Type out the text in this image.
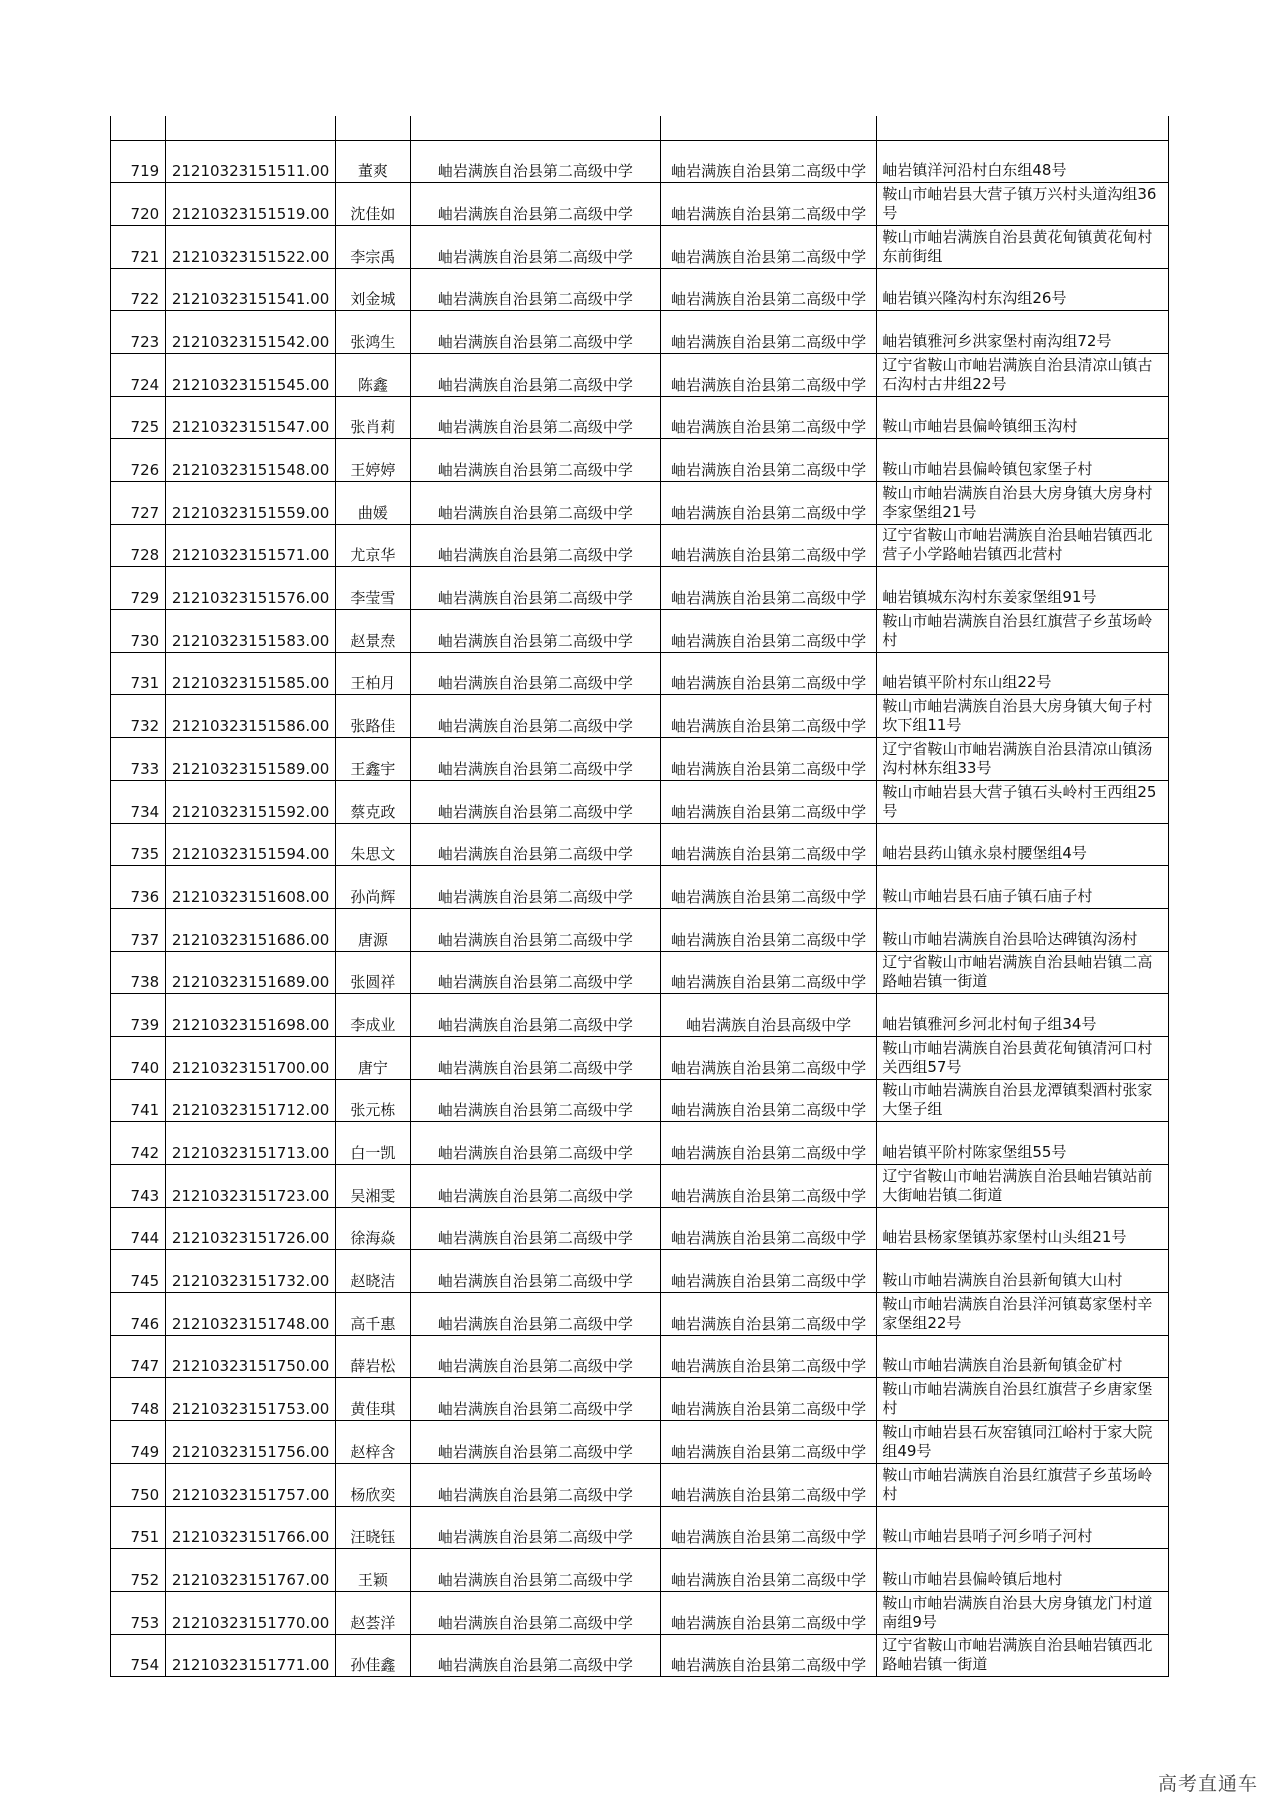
719	21210323151511.00	董爽	岫岩满族自治县第二高级中学	岫岩满族自治县第二高级中学	岫岩镇洋河沿村白东组48号
720	21210323151519.00	沈佳如	岫岩满族自治县第二高级中学	岫岩满族自治县第二高级中学	鞍山市岫岩县大营子镇万兴村头道沟组36号
721	21210323151522.00	李宗禹	岫岩满族自治县第二高级中学	岫岩满族自治县第二高级中学	鞍山市岫岩满族自治县黄花甸镇黄花甸村东前街组
722	21210323151541.00	刘金城	岫岩满族自治县第二高级中学	岫岩满族自治县第二高级中学	岫岩镇兴隆沟村东沟组26号
723	21210323151542.00	张鸿生	岫岩满族自治县第二高级中学	岫岩满族自治县第二高级中学	岫岩镇雅河乡洪家堡村南沟组72号
724	21210323151545.00	陈鑫	岫岩满族自治县第二高级中学	岫岩满族自治县第二高级中学	辽宁省鞍山市岫岩满族自治县清凉山镇古石沟村古井组22号
725	21210323151547.00	张肖莉	岫岩满族自治县第二高级中学	岫岩满族自治县第二高级中学	鞍山市岫岩县偏岭镇细玉沟村
726	21210323151548.00	王婷婷	岫岩满族自治县第二高级中学	岫岩满族自治县第二高级中学	鞍山市岫岩县偏岭镇包家堡子村
727	21210323151559.00	曲媛	岫岩满族自治县第二高级中学	岫岩满族自治县第二高级中学	鞍山市岫岩满族自治县大房身镇大房身村李家堡组21号
728	21210323151571.00	尤京华	岫岩满族自治县第二高级中学	岫岩满族自治县第二高级中学	辽宁省鞍山市岫岩满族自治县岫岩镇西北营子小学路岫岩镇西北营村
729	21210323151576.00	李莹雪	岫岩满族自治县第二高级中学	岫岩满族自治县第二高级中学	岫岩镇城东沟村东姜家堡组91号
730	21210323151583.00	赵景焘	岫岩满族自治县第二高级中学	岫岩满族自治县第二高级中学	鞍山市岫岩满族自治县红旗营子乡茧场岭村
731	21210323151585.00	王柏月	岫岩满族自治县第二高级中学	岫岩满族自治县第二高级中学	岫岩镇平阶村东山组22号
732	21210323151586.00	张路佳	岫岩满族自治县第二高级中学	岫岩满族自治县第二高级中学	鞍山市岫岩满族自治县大房身镇大甸子村坎下组11号
733	21210323151589.00	王鑫宇	岫岩满族自治县第二高级中学	岫岩满族自治县第二高级中学	辽宁省鞍山市岫岩满族自治县清凉山镇汤沟村林东组33号
734	21210323151592.00	蔡克政	岫岩满族自治县第二高级中学	岫岩满族自治县第二高级中学	鞍山市岫岩县大营子镇石头岭村王西组25号
735	21210323151594.00	朱思文	岫岩满族自治县第二高级中学	岫岩满族自治县第二高级中学	岫岩县药山镇永泉村腰堡组4号
736	21210323151608.00	孙尚辉	岫岩满族自治县第二高级中学	岫岩满族自治县第二高级中学	鞍山市岫岩县石庙子镇石庙子村
737	21210323151686.00	唐源	岫岩满族自治县第二高级中学	岫岩满族自治县第二高级中学	鞍山市岫岩满族自治县哈达碑镇沟汤村
738	21210323151689.00	张圆祥	岫岩满族自治县第二高级中学	岫岩满族自治县第二高级中学	辽宁省鞍山市岫岩满族自治县岫岩镇二高路岫岩镇一街道
739	21210323151698.00	李成业	岫岩满族自治县第二高级中学	岫岩满族自治县高级中学	岫岩镇雅河乡河北村甸子组34号
740	21210323151700.00	唐宁	岫岩满族自治县第二高级中学	岫岩满族自治县第二高级中学	鞍山市岫岩满族自治县黄花甸镇清河口村关西组57号
741	21210323151712.00	张元栋	岫岩满族自治县第二高级中学	岫岩满族自治县第二高级中学	鞍山市岫岩满族自治县龙潭镇梨酒村张家大堡子组
742	21210323151713.00	白一凯	岫岩满族自治县第二高级中学	岫岩满族自治县第二高级中学	岫岩镇平阶村陈家堡组55号
743	21210323151723.00	吴湘雯	岫岩满族自治县第二高级中学	岫岩满族自治县第二高级中学	辽宁省鞍山市岫岩满族自治县岫岩镇站前大街岫岩镇二街道
744	21210323151726.00	徐海焱	岫岩满族自治县第二高级中学	岫岩满族自治县第二高级中学	岫岩县杨家堡镇苏家堡村山头组21号
745	21210323151732.00	赵晓洁	岫岩满族自治县第二高级中学	岫岩满族自治县第二高级中学	鞍山市岫岩满族自治县新甸镇大山村
746	21210323151748.00	高千惠	岫岩满族自治县第二高级中学	岫岩满族自治县第二高级中学	鞍山市岫岩满族自治县洋河镇葛家堡村辛家堡组22号
747	21210323151750.00	薛岩松	岫岩满族自治县第二高级中学	岫岩满族自治县第二高级中学	鞍山市岫岩满族自治县新甸镇金矿村
748	21210323151753.00	黄佳琪	岫岩满族自治县第二高级中学	岫岩满族自治县第二高级中学	鞍山市岫岩满族自治县红旗营子乡唐家堡村
749	21210323151756.00	赵梓含	岫岩满族自治县第二高级中学	岫岩满族自治县第二高级中学	鞍山市岫岩县石灰窑镇同江峪村于家大院组49号
750	21210323151757.00	杨欣奕	岫岩满族自治县第二高级中学	岫岩满族自治县第二高级中学	鞍山市岫岩满族自治县红旗营子乡茧场岭村
751	21210323151766.00	汪晓钰	岫岩满族自治县第二高级中学	岫岩满族自治县第二高级中学	鞍山市岫岩县哨子河乡哨子河村
752	21210323151767.00	王颖	岫岩满族自治县第二高级中学	岫岩满族自治县第二高级中学	鞍山市岫岩县偏岭镇后地村
753	21210323151770.00	赵荟洋	岫岩满族自治县第二高级中学	岫岩满族自治县第二高级中学	鞍山市岫岩满族自治县大房身镇龙门村道南组9号
754	21210323151771.00	孙佳鑫	岫岩满族自治县第二高级中学	岫岩满族自治县第二高级中学	辽宁省鞍山市岫岩满族自治县岫岩镇西北路岫岩镇一街道
高考直通车
